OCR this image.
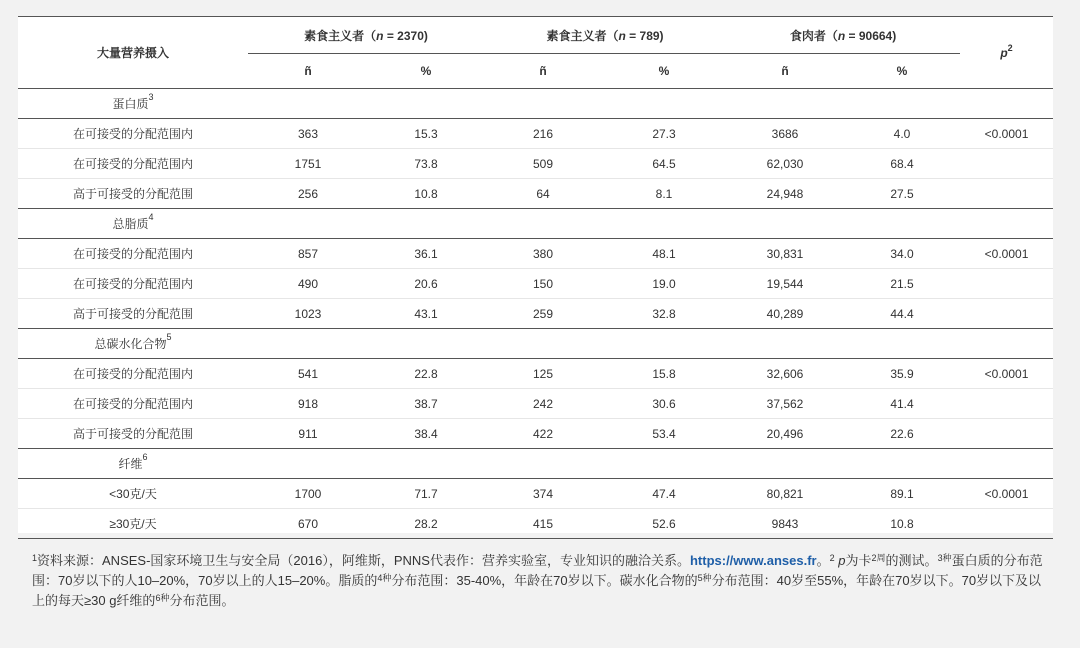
大量营养摄入	素食主义者（n = 2370)		素食主义者（n = 789)		食肉者（n = 90664)		$p^2$
	ñ	%	ñ	%	ñ	%	
蛋白质$^3$							
在可接受的分配范围内	363	15.3	216	27.3	3686	4.0	<0.0001
在可接受的分配范围内	1751	73.8	509	64.5	62,030	68.4	
高于可接受的分配范围	256	10.8	64	8.1	24,948	27.5	
总脂质$^4$							
在可接受的分配范围内	857	36.1	380	48.1	30,831	34.0	<0.0001
在可接受的分配范围内	490	20.6	150	19.0	19,544	21.5	
高于可接受的分配范围	1023	43.1	259	32.8	40,289	44.4	
总碳水化合物$^5$							
在可接受的分配范围内	541	22.8	125	15.8	32,606	35.9	<0.0001
在可接受的分配范围内	918	38.7	242	30.6	37,562	41.4	
高于可接受的分配范围	911	38.4	422	53.4	20,496	22.6	
纤维$^6$							
<30克/天	1700	71.7	374	47.4	80,821	89.1	<0.0001
≥30克/天	670	28.2	415	52.6	9843	10.8	
$^1$资料来源：ANSES-国家环境卫生与安全局（2016），阿维斯，PNNS代表作：营养实验室，专业知识的融洽关系。https://www.anses.fr。$^2$ p为卡$^{2周}$的测试。$^{3种}$蛋白质的分布范围：70岁以下的人10–20%，70岁以上的人15–20%。脂质的$^{4种}$分布范围：35-40%，年龄在70岁以下。碳水化合物的$^{5种}$分布范围：40岁至55%，年龄在70岁以下。70岁以下及以上的每天≥30 g纤维的$^{6种}$分布范围。
